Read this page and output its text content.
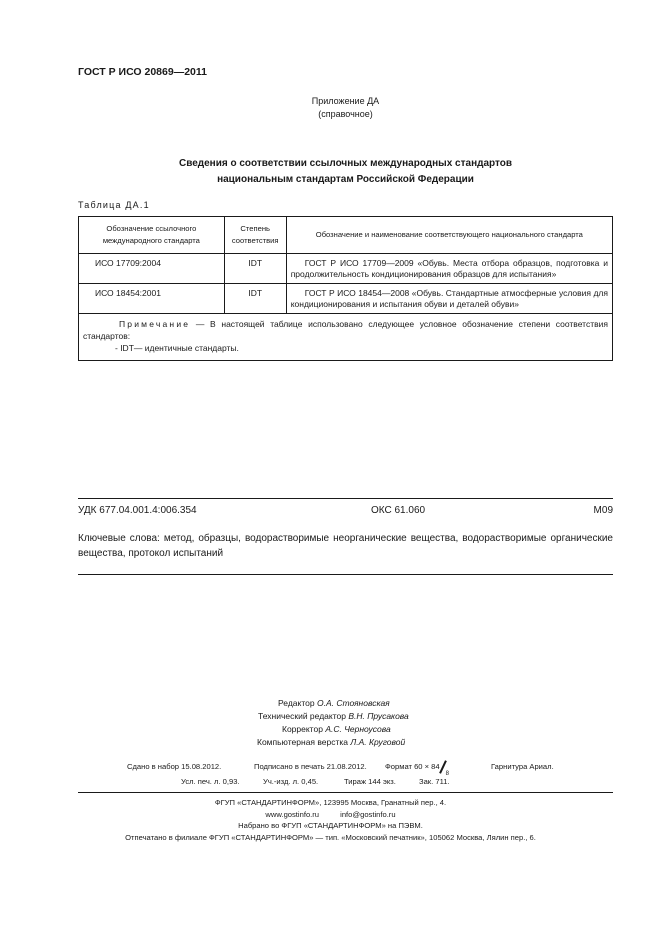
ГОСТ Р ИСО 20869—2011
Приложение ДА
(справочное)
Сведения о соответствии ссылочных международных стандартов
национальным стандартам Российской Федерации
Таблица ДА.1
Обозначение ссылочного международного стандарта	Степень соответствия	Обозначение и наименование соответствующего национального стандарта
ИСО 17709:2004	IDT	ГОСТ Р ИСО 17709—2009 «Обувь. Места отбора образцов, подготовка и продолжительность кондиционирования образцов для испытания»
ИСО 18454:2001	IDT	ГОСТ Р ИСО 18454—2008 «Обувь. Стандартные атмосферные условия для кондиционирования и испытания обуви и деталей обуви»

Примечание — В настоящей таблице использовано следующее условное обозначение степени соответствия стандартов:
- IDT— идентичные стандарты.		
УДК 677.04.001.4:006.354	ОКС 61.060	М09
Ключевые слова: метод, образцы, водорастворимые неорганические вещества, водорастворимые органические вещества, протокол испытаний
Редактор О.А. Стояновская
Технический редактор В.Н. Прусакова
Корректор А.С. Черноусова
Компьютерная верстка Л.А. Круговой
Сдано в набор 15.08.2012.	Подписано в печать 21.08.2012. Формат 60 × 84
8
Гарнитура Ариал.
Усл. печ. л. 0,93.	Уч.-изд. л. 0,45.	Тираж 144 экз.	Зак. 711.
ФГУП «СТАНДАРТИНФОРМ», 123995 Москва, Гранатный пер., 4.
www.gostinfo.ru	info@gostinfo.ru
Набрано во ФГУП «СТАНДАРТИНФОРМ» на ПЭВМ.
Отпечатано в филиале ФГУП «СТАНДАРТИНФОРМ» — тип. «Московский печатник», 105062 Москва, Лялин пер., 6.
